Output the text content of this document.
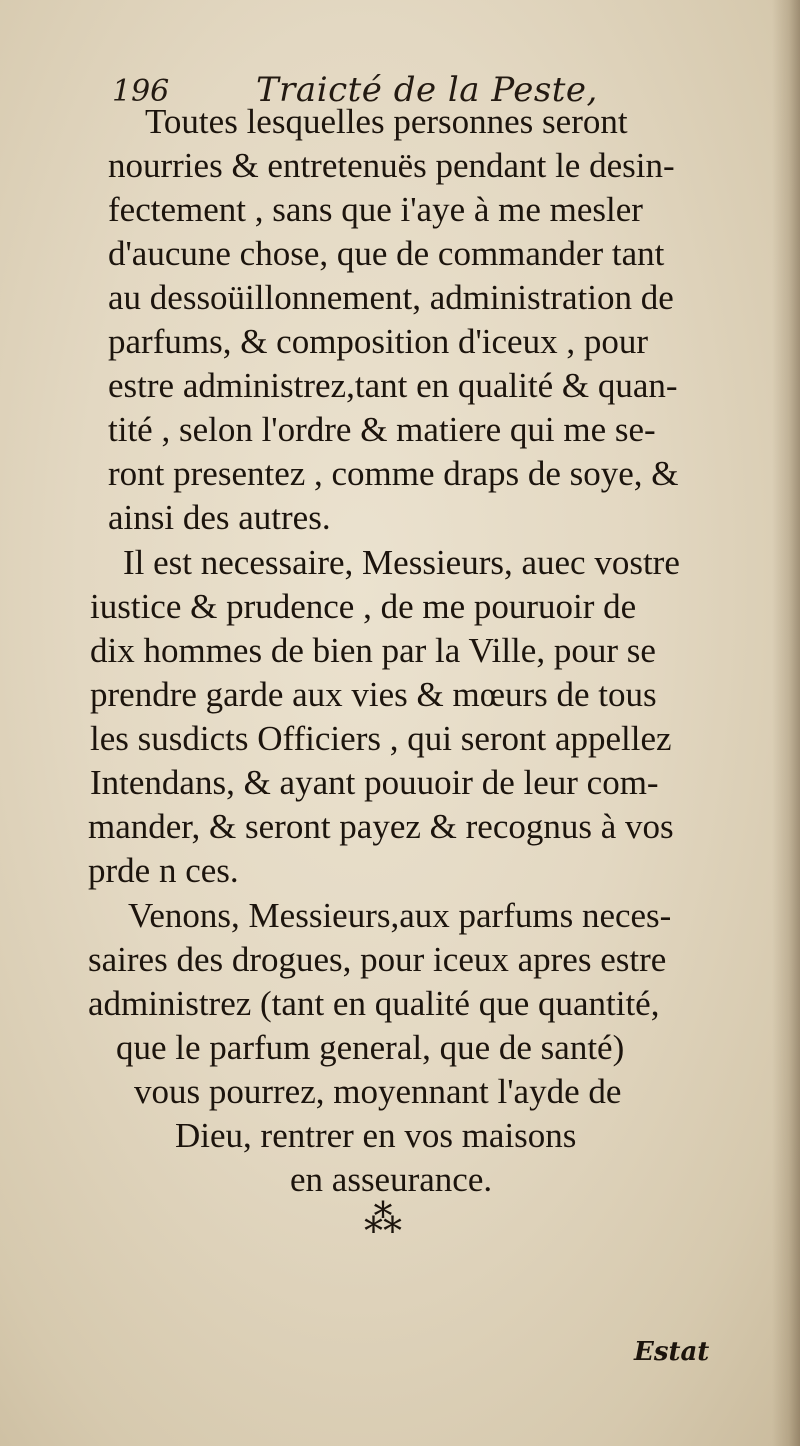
196	Traicté de la Peste,
Toutes lesquelles personnes seront
nourries & entretenuës pendant le desin-
fectement , sans que i'aye à me mesler
d'aucune chose, que de commander tant
au dessoüillonnement, administration de
parfums, & composition d'iceux , pour
estre administrez,tant en qualité & quan-
tité , selon l'ordre & matiere qui me se-
ront presentez , comme draps de soye, &
ainsi des autres.
Il est necessaire, Messieurs, auec vostre
iustice & prudence , de me pouruoir de
dix hommes de bien par la Ville, pour se
prendre garde aux vies & mœurs de tous
les susdicts Officiers , qui seront appellez
Intendans, & ayant pouuoir de leur com-
mander, & seront payez & recognus à vos
prde n ces.
Venons, Messieurs,aux parfums neces-
saires des drogues, pour iceux apres estre
administrez (tant en qualité que quantité,
que le parfum general, que de santé)
vous pourrez, moyennant l'ayde de
Dieu, rentrer en vos maisons
en asseurance.
⁂
Estat
